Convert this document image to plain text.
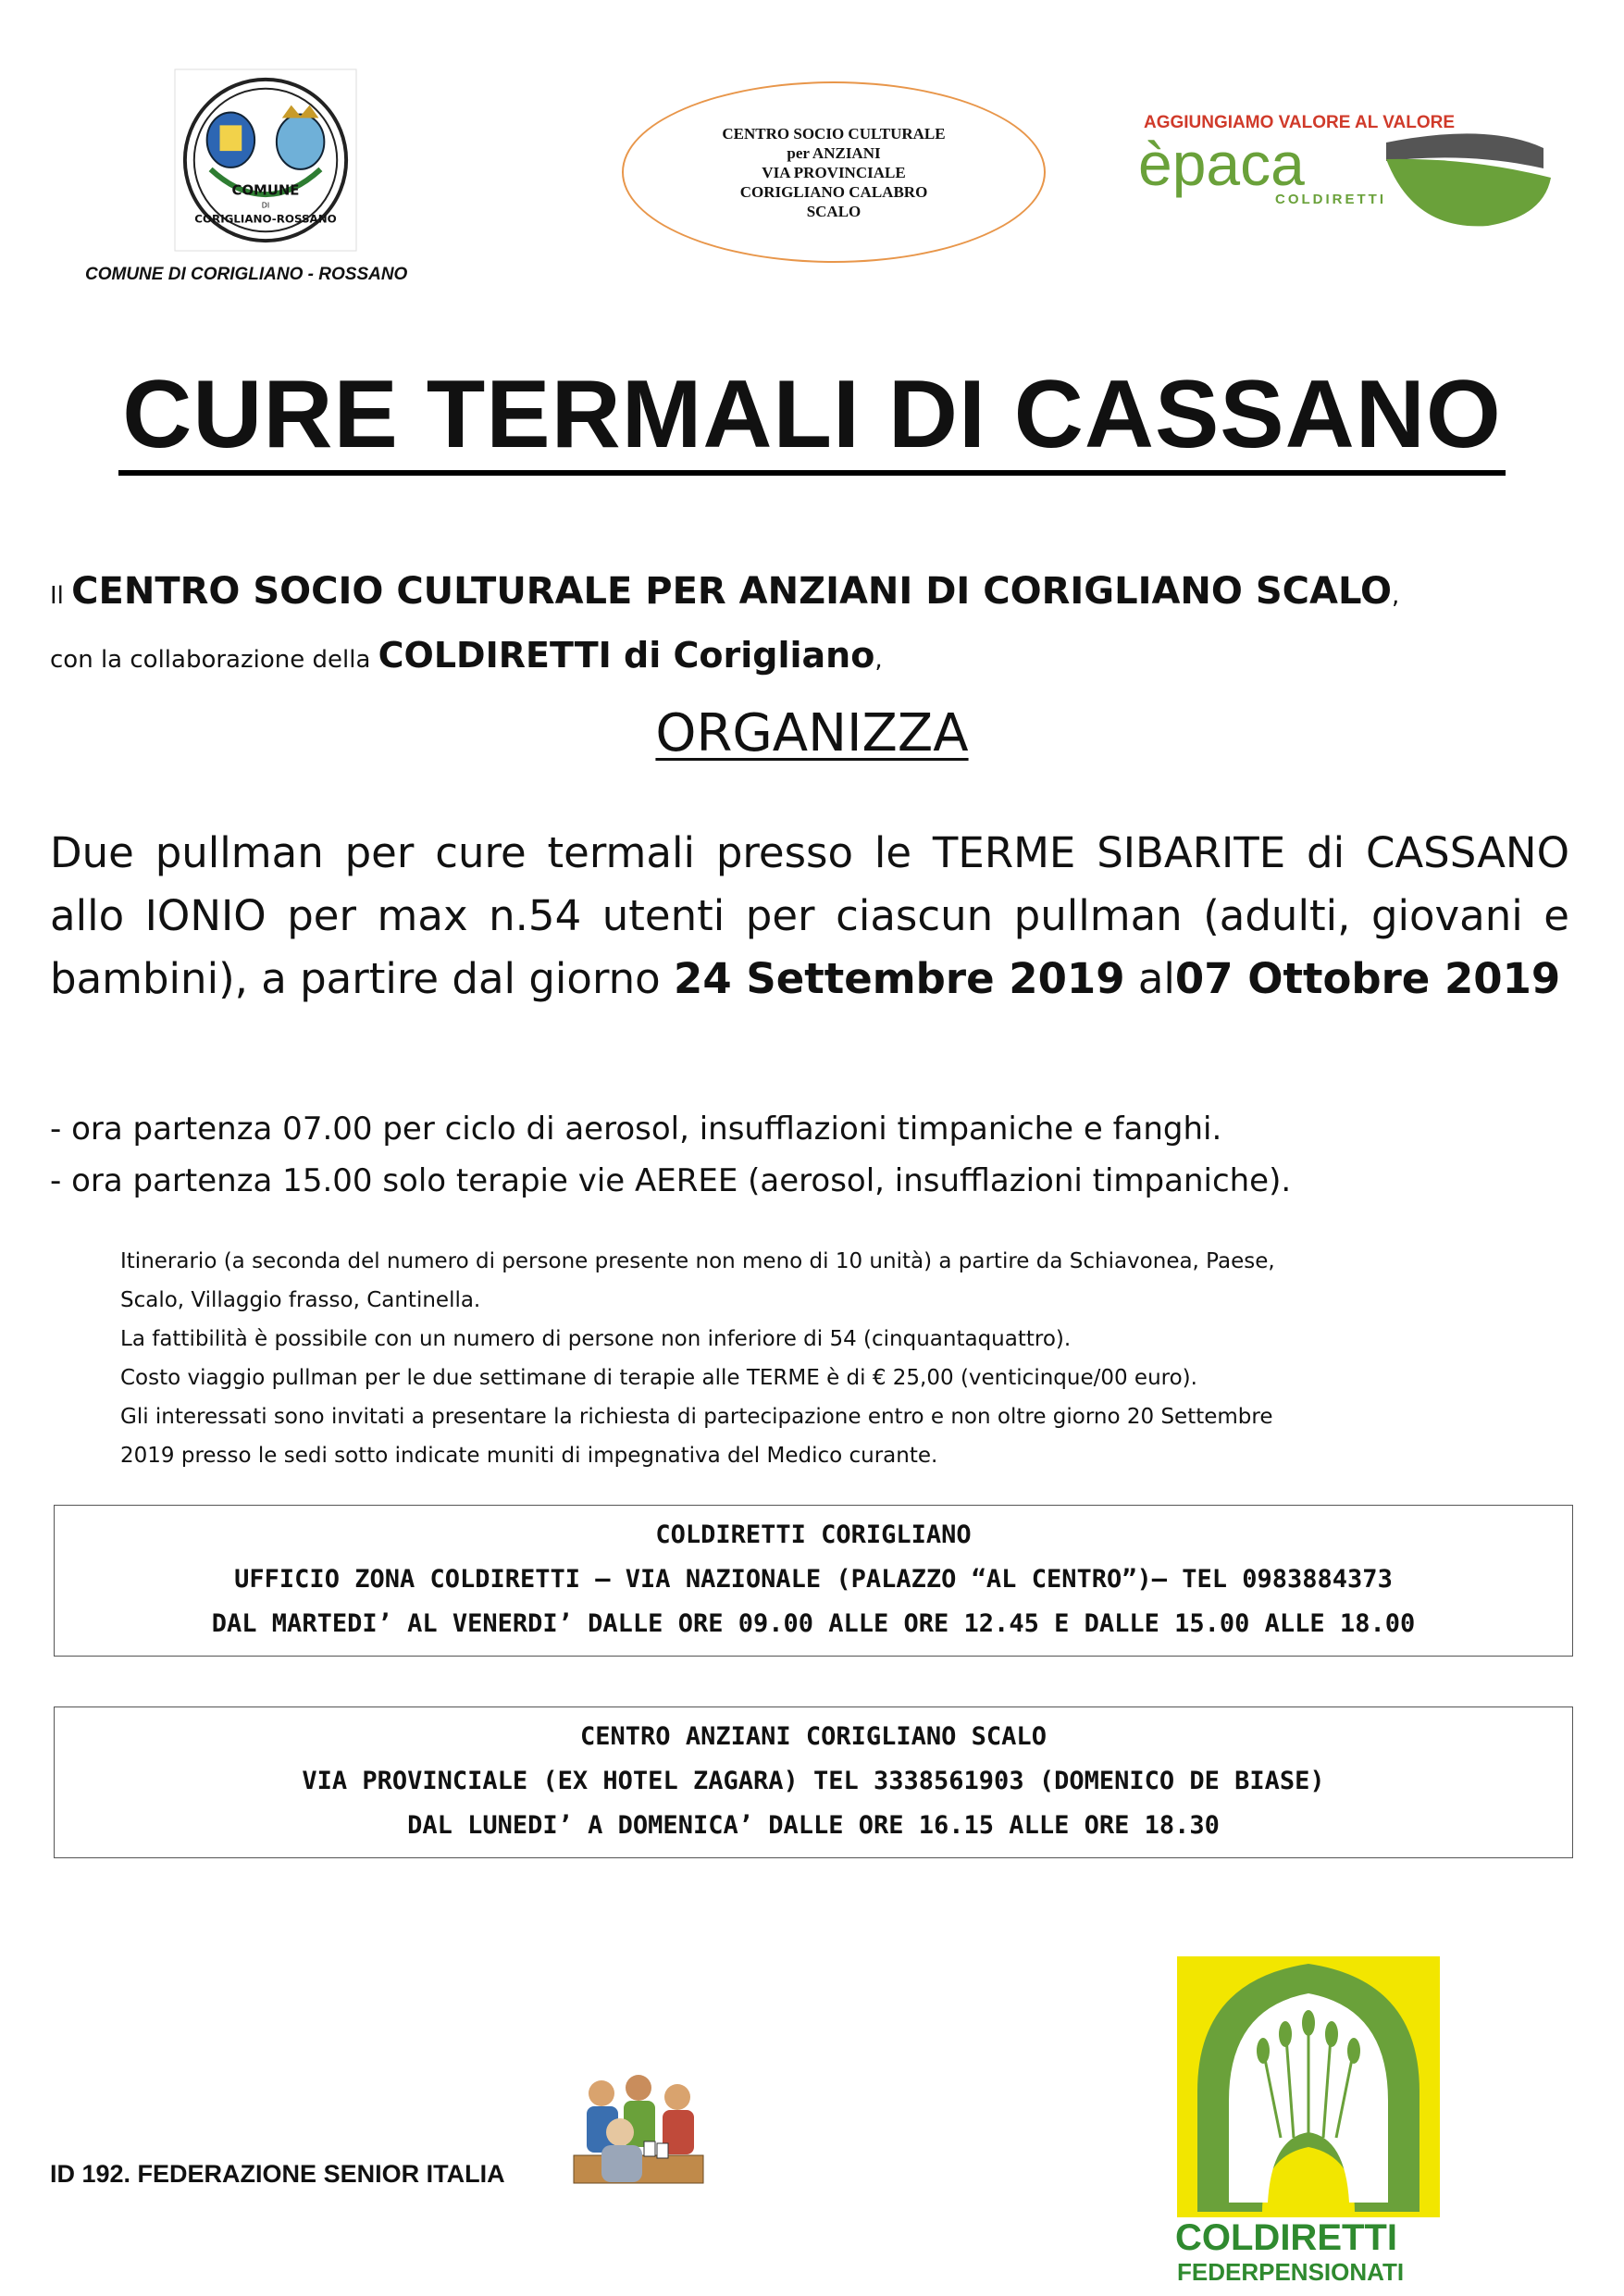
COMUNE
DI
CORIGLIANO-ROSSANO
COMUNE DI CORIGLIANO - ROSSANO
CENTRO SOCIO CULTURALE
per ANZIANI
VIA PROVINCIALE
CORIGLIANO CALABRO
SCALO
AGGIUNGIAMO VALORE AL VALORE
èpaca
COLDIRETTI
CURE TERMALI DI CASSANO
Il CENTRO SOCIO CULTURALE PER ANZIANI DI CORIGLIANO SCALO,
con la collaborazione della COLDIRETTI di Corigliano,
ORGANIZZA
Due pullman per cure termali presso le TERME SIBARITE di CASSANO allo IONIO per max n.54 utenti per ciascun pullman (adulti, giovani e bambini), a partire dal giorno 24 Settembre 2019 al07 Ottobre 2019
- ora partenza 07.00 per ciclo di aerosol, insufflazioni timpaniche e fanghi.
- ora partenza 15.00 solo terapie vie AEREE (aerosol, insufflazioni timpaniche).
Itinerario (a seconda del numero di persone presente non meno di 10 unità) a partire da Schiavonea, Paese,
Scalo, Villaggio frasso, Cantinella.
La fattibilità è possibile con un numero di persone non inferiore di 54 (cinquantaquattro).
Costo viaggio pullman per le due settimane di terapie alle TERME è di € 25,00 (venticinque/00 euro).
Gli interessati sono invitati a presentare la richiesta di partecipazione entro e non oltre giorno 20 Settembre
2019 presso le sedi sotto indicate muniti di impegnativa del Medico curante.
COLDIRETTI CORIGLIANO
UFFICIO ZONA COLDIRETTI – VIA NAZIONALE (PALAZZO “AL CENTRO”)– TEL 0983884373
DAL MARTEDI’ AL VENERDI’ DALLE ORE 09.00 ALLE ORE 12.45 E DALLE 15.00 ALLE 18.00
CENTRO ANZIANI CORIGLIANO SCALO
VIA PROVINCIALE (EX HOTEL ZAGARA) TEL 3338561903 (DOMENICO DE BIASE)
DAL LUNEDI’ A DOMENICA’ DALLE ORE 16.15 ALLE ORE 18.30
ID 192. FEDERAZIONE SENIOR ITALIA
COLDIRETTI
FEDERPENSIONATI
